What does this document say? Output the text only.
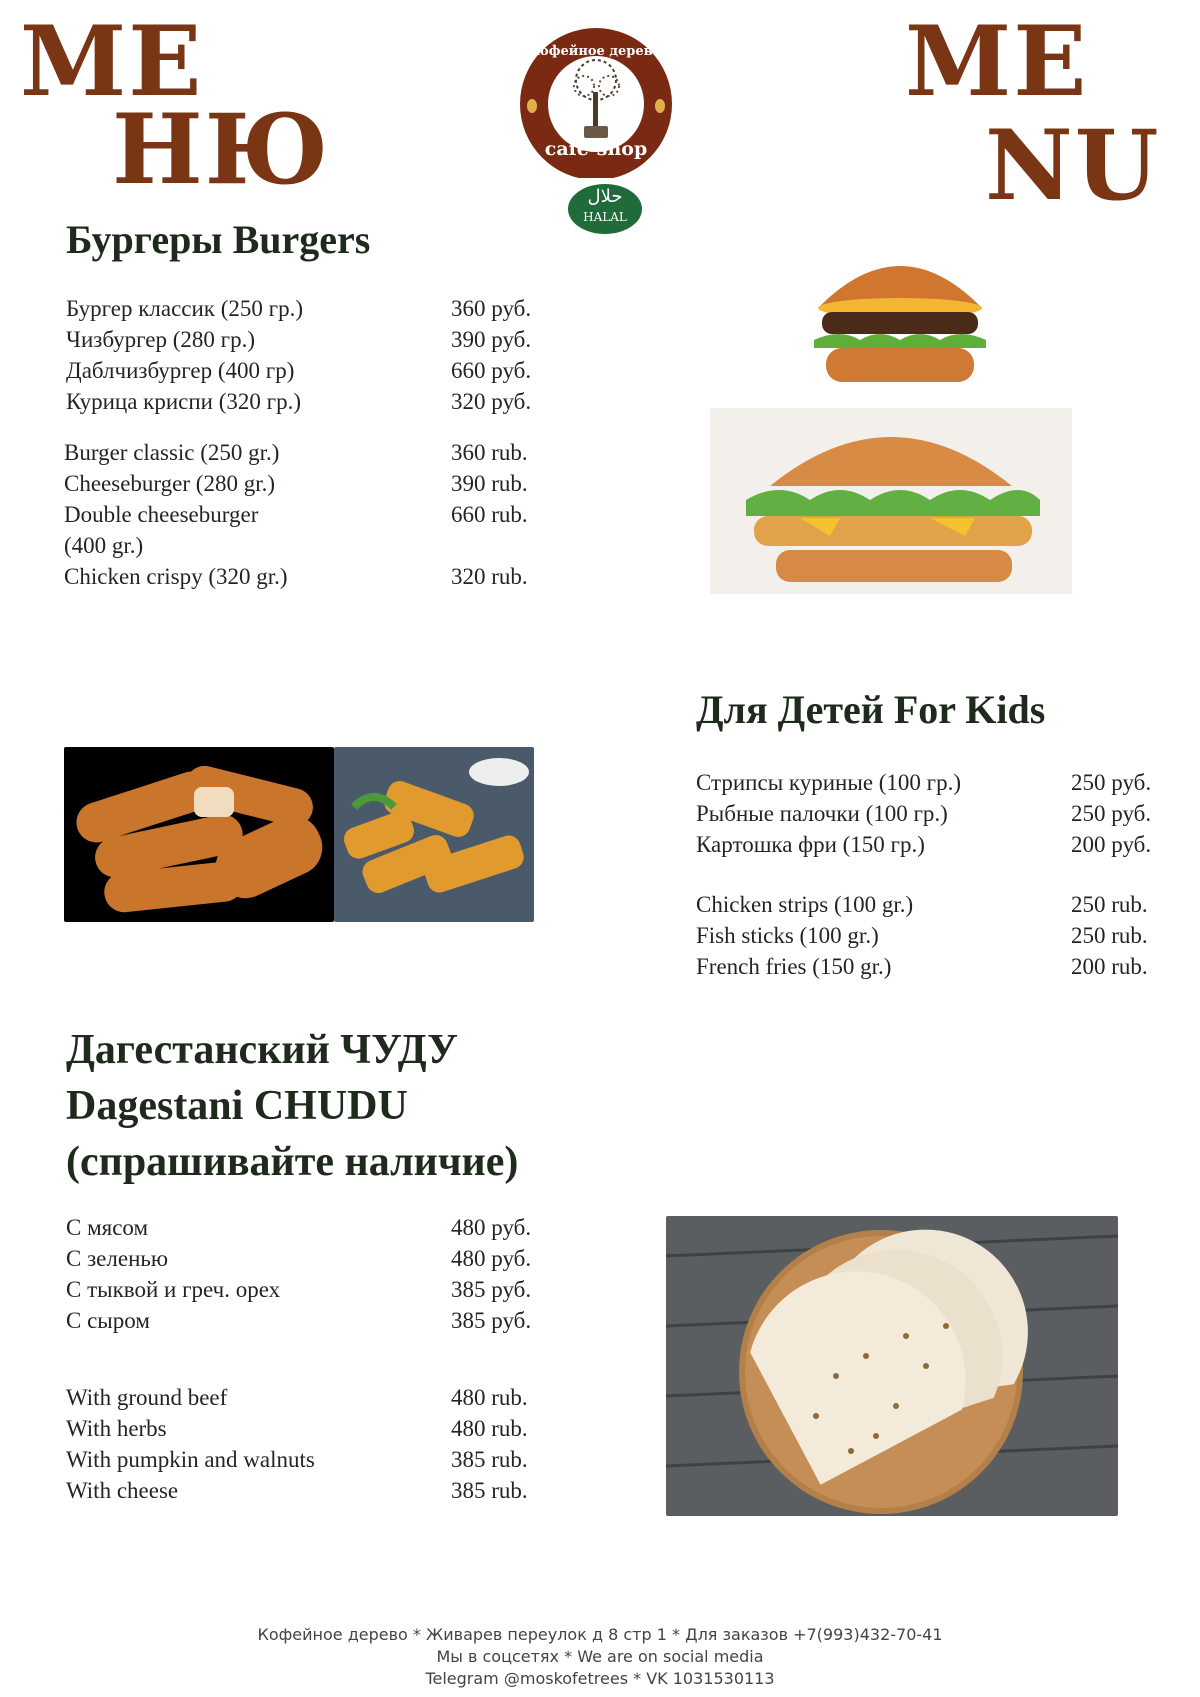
МЕ
НЮ
ME
NU
кофейное дерево
cafe-shop
حلال
HALAL
Бургеры Burgers
Бургер классик (250 гр.)	360 руб.
Чизбургер (280 гр.)	390 руб.
Даблчизбургер (400 гр)	660 руб.
Курица криспи (320 гр.)	320 руб.
Burger classic (250 gr.)	360 rub.
Cheeseburger (280 gr.)	390 rub.
Double cheeseburger	660 rub.
(400 gr.)
Chicken crispy (320 gr.)	320 rub.
Для Детей For Kids
Стрипсы куриные (100 гр.)	250 руб.
Рыбные палочки (100 гр.)	250 руб.
Картошка фри (150 гр.)	200 руб.
Chicken strips (100 gr.)	250 rub.
Fish sticks (100 gr.)	250 rub.
French fries (150 gr.)	200 rub.
Дагестанский ЧУДУ
Dagestani CHUDU
(спрашивайте наличие)
С мясом	480 руб.
С зеленью	480 руб.
С тыквой и греч. орех	385 руб.
С сыром	385 руб.
With ground beef	480 rub.
With herbs	480 rub.
With pumpkin and walnuts	385 rub.
With cheese	385 rub.
Кофейное дерево * Живарев переулок д 8 стр 1 * Для заказов +7(993)432-70-41
Мы в соцсетях * We are on social media
Telegram @moskofetrees * VK 1031530113
